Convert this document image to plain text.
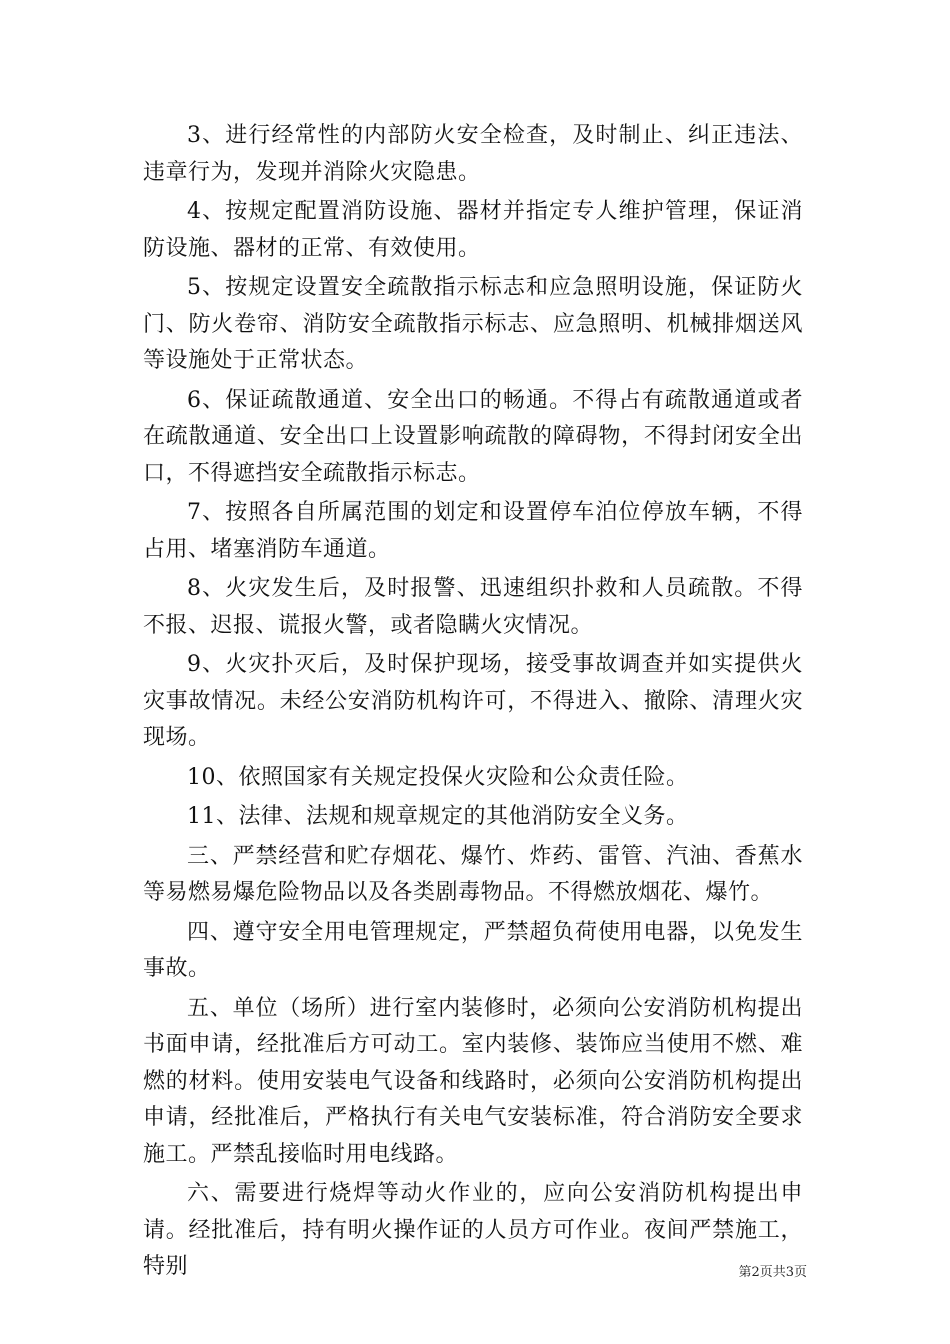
3、进行经常性的内部防火安全检查，及时制止、纠正违法、违章行为，发现并消除火灾隐患。

4、按规定配置消防设施、器材并指定专人维护管理，保证消防设施、器材的正常、有效使用。

5、按规定设置安全疏散指示标志和应急照明设施，保证防火门、防火卷帘、消防安全疏散指示标志、应急照明、机械排烟送风等设施处于正常状态。

6、保证疏散通道、安全出口的畅通。不得占有疏散通道或者在疏散通道、安全出口上设置影响疏散的障碍物，不得封闭安全出口，不得遮挡安全疏散指示标志。

7、按照各自所属范围的划定和设置停车泊位停放车辆，不得占用、堵塞消防车通道。

8、火灾发生后，及时报警、迅速组织扑救和人员疏散。不得不报、迟报、谎报火警，或者隐瞒火灾情况。

9、火灾扑灭后，及时保护现场，接受事故调查并如实提供火灾事故情况。未经公安消防机构许可，不得进入、撤除、清理火灾现场。

10、依照国家有关规定投保火灾险和公众责任险。

11、法律、法规和规章规定的其他消防安全义务。

三、严禁经营和贮存烟花、爆竹、炸药、雷管、汽油、香蕉水等易燃易爆危险物品以及各类剧毒物品。不得燃放烟花、爆竹。

四、遵守安全用电管理规定，严禁超负荷使用电器，以免发生事故。

五、单位（场所）进行室内装修时，必须向公安消防机构提出书面申请，经批准后方可动工。室内装修、装饰应当使用不燃、难燃的材料。使用安装电气设备和线路时，必须向公安消防机构提出申请，经批准后，严格执行有关电气安装标准，符合消防安全要求施工。严禁乱接临时用电线路。

六、需要进行烧焊等动火作业的，应向公安消防机构提出申请。经批准后，持有明火操作证的人员方可作业。夜间严禁施工，特别	第2页共3页
